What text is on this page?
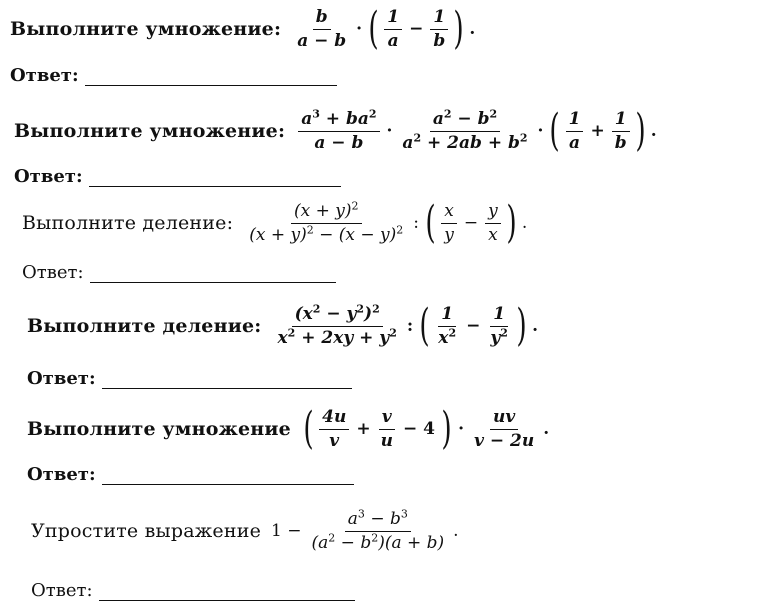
Выполните умножение: $\frac{b}{a - b}$ · ( $\frac{1}{a} - \frac{1}{b}$ ) .
Ответ:
Выполните умножение: $\frac{a^3 + ba^2}{a - b} \cdot \frac{a^2 - b^2}{a^2 + 2ab + b^2}$ · ( $\frac{1}{a} + \frac{1}{b}$ ) .
Ответ:
Выполните деление: $\frac{(x + y)^2}{(x + y)^2 - (x - y)^2}$ : ( $\frac{x}{y} - \frac{y}{x}$ ) .
Ответ:
Выполните деление: $\frac{(x^2 - y^2)^2}{x^2 + 2xy + y^2}$ : ( $\frac{1}{x^2} - \frac{1}{y^2}$ ) .
Ответ:
Выполните умножение ( $\frac{4u}{v} + \frac{v}{u} - 4$ ) · $\frac{uv}{v - 2u}$ .
Ответ:
Упростите выражение $1 - \frac{a^3 - b^3}{(a^2 - b^2)(a + b)}$ .
Ответ:
